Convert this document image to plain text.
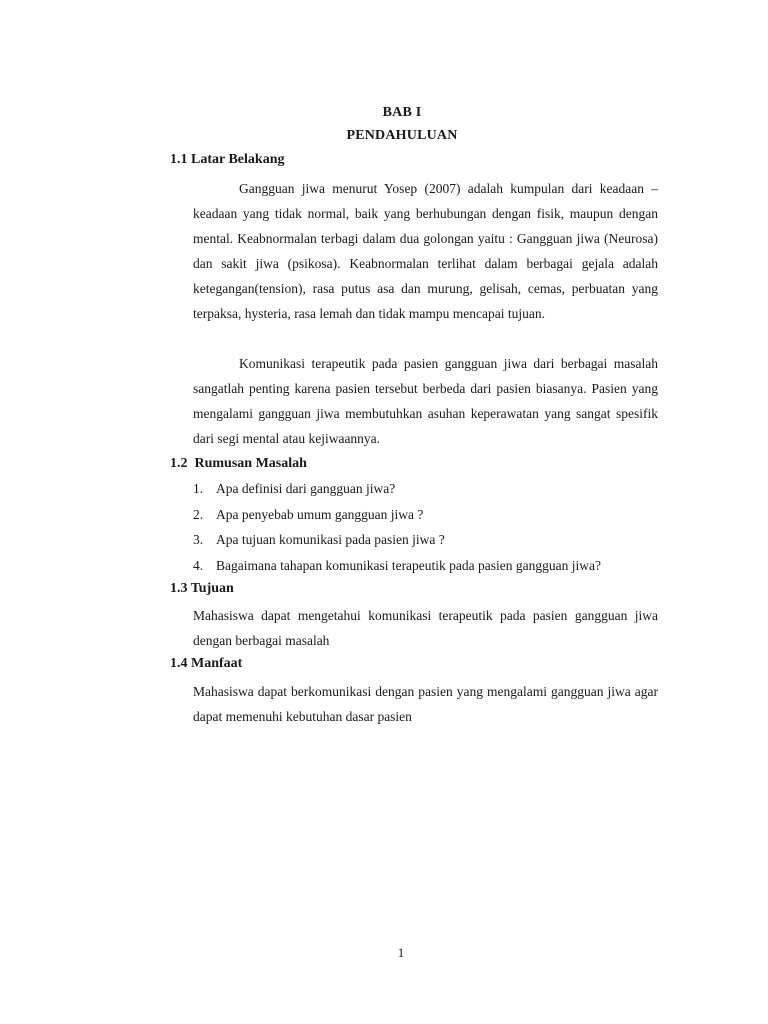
BAB I
PENDAHULUAN
1.1 Latar Belakang

Gangguan jiwa menurut Yosep (2007) adalah kumpulan dari keadaan – keadaan yang tidak normal, baik yang berhubungan dengan fisik, maupun dengan mental. Keabnormalan terbagi dalam dua golongan yaitu : Gangguan jiwa (Neurosa) dan sakit jiwa (psikosa). Keabnormalan terlihat dalam berbagai gejala adalah ketegangan(tension), rasa putus asa dan murung, gelisah, cemas, perbuatan yang terpaksa, hysteria, rasa lemah dan tidak mampu mencapai tujuan.

Komunikasi terapeutik pada pasien gangguan jiwa dari berbagai masalah sangatlah penting karena pasien tersebut berbeda dari pasien biasanya. Pasien yang mengalami gangguan jiwa membutuhkan asuhan keperawatan yang sangat spesifik dari segi mental atau kejiwaannya.

1.2  Rumusan Masalah
1. Apa definisi dari gangguan jiwa?
2. Apa penyebab umum gangguan jiwa ?
3. Apa tujuan komunikasi pada pasien jiwa ?
4. Bagaimana tahapan komunikasi terapeutik pada pasien gangguan jiwa?
1.3 Tujuan

Mahasiswa dapat mengetahui komunikasi terapeutik pada pasien gangguan jiwa dengan berbagai masalah

1.4 Manfaat

Mahasiswa dapat berkomunikasi dengan pasien yang mengalami gangguan jiwa agar dapat memenuhi kebutuhan dasar pasien

1
